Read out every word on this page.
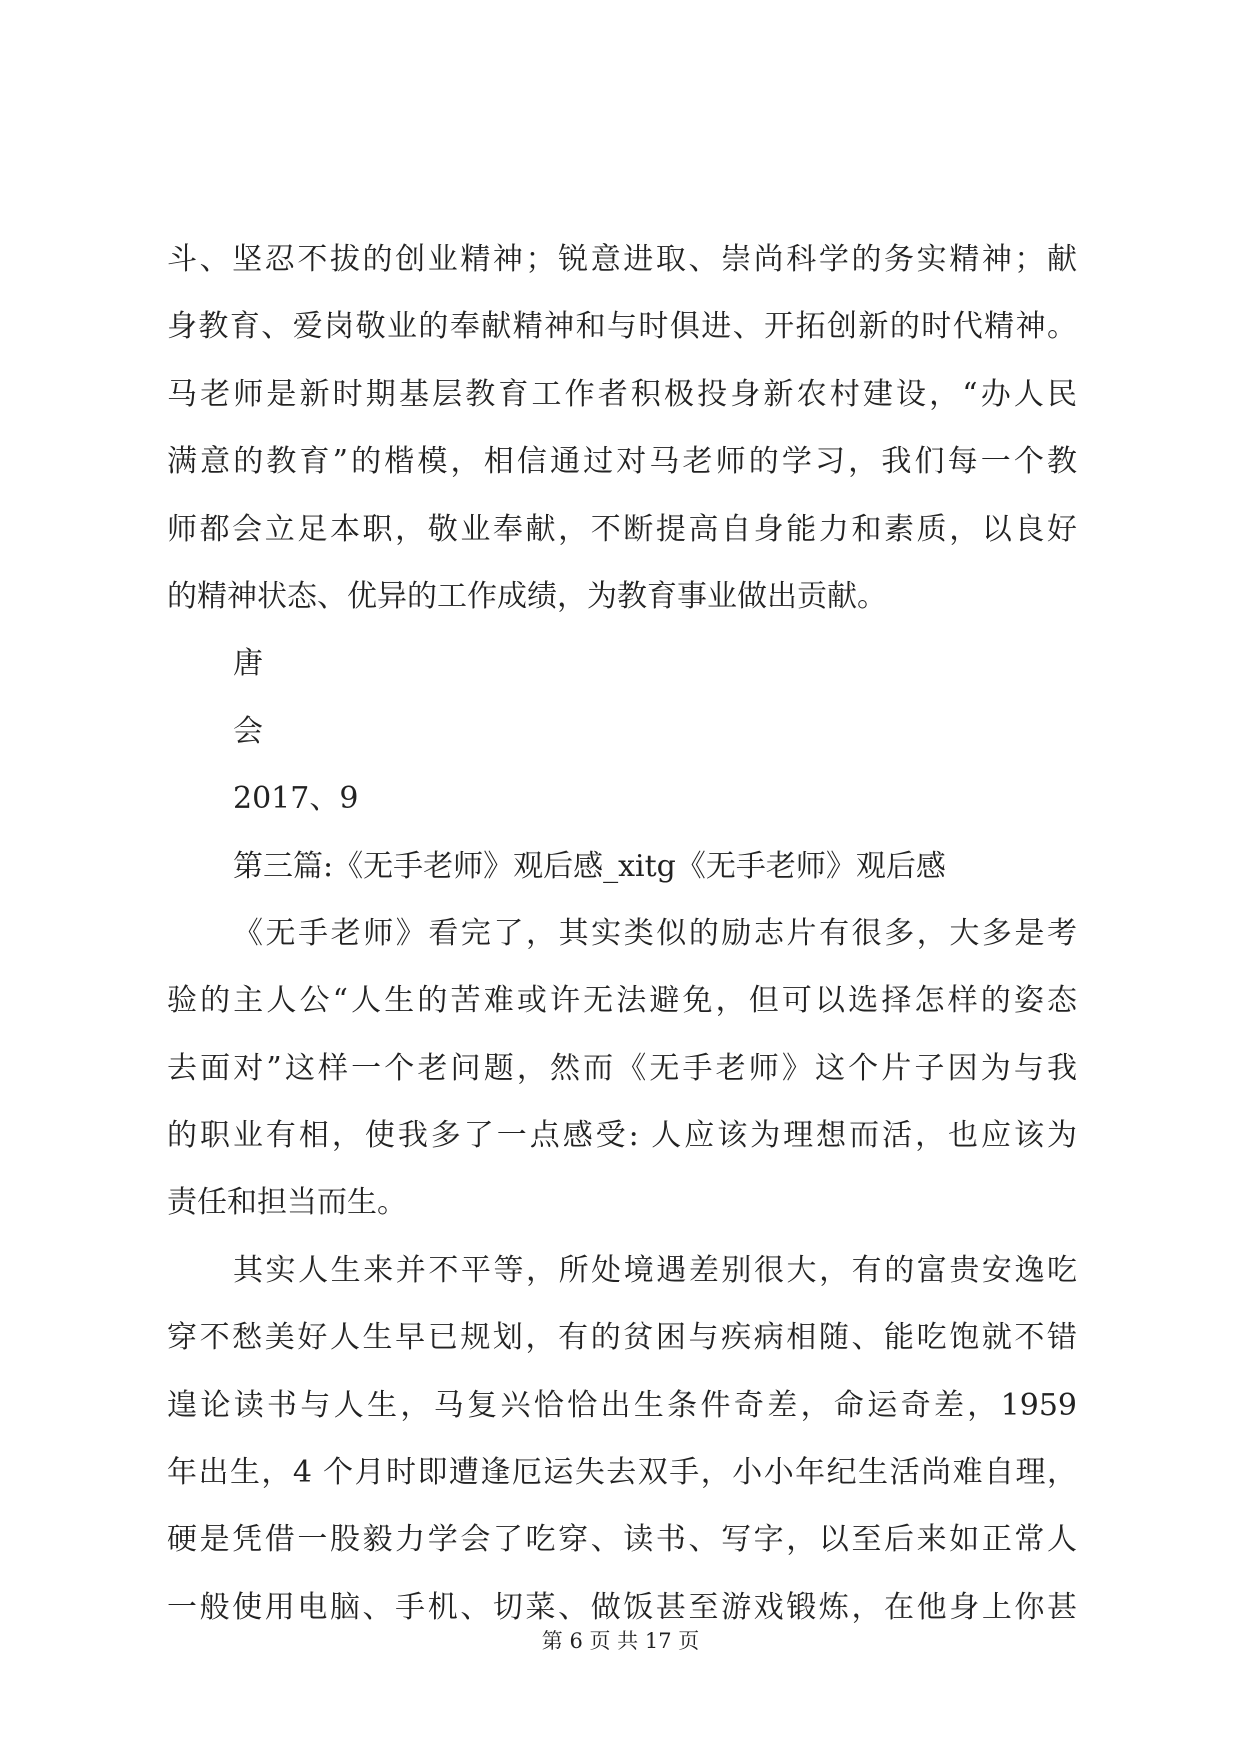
斗、坚忍不拔的创业精神；锐意进取、崇尚科学的务实精神；献
身教育、爱岗敬业的奉献精神和与时俱进、开拓创新的时代精神。
马老师是新时期基层教育工作者积极投身新农村建设，“办人民
满意的教育”的楷模，相信通过对马老师的学习，我们每一个教
师都会立足本职，敬业奉献，不断提高自身能力和素质，以良好
的精神状态、优异的工作成绩，为教育事业做出贡献。
唐
会
2017、9
第三篇:《无手老师》观后感_xitg《无手老师》观后感
《无手老师》看完了，其实类似的励志片有很多，大多是考
验的主人公“人生的苦难或许无法避免，但可以选择怎样的姿态
去面对”这样一个老问题，然而《无手老师》这个片子因为与我
的职业有相，使我多了一点感受: 人应该为理想而活，也应该为
责任和担当而生。
其实人生来并不平等，所处境遇差别很大，有的富贵安逸吃
穿不愁美好人生早已规划，有的贫困与疾病相随、能吃饱就不错
遑论读书与人生，马复兴恰恰出生条件奇差，命运奇差，1959
年出生，4 个月时即遭逢厄运失去双手，小小年纪生活尚难自理，
硬是凭借一股毅力学会了吃穿、读书、写字，以至后来如正常人
一般使用电脑、手机、切菜、做饭甚至游戏锻炼，在他身上你甚
第 6 页 共 17 页
